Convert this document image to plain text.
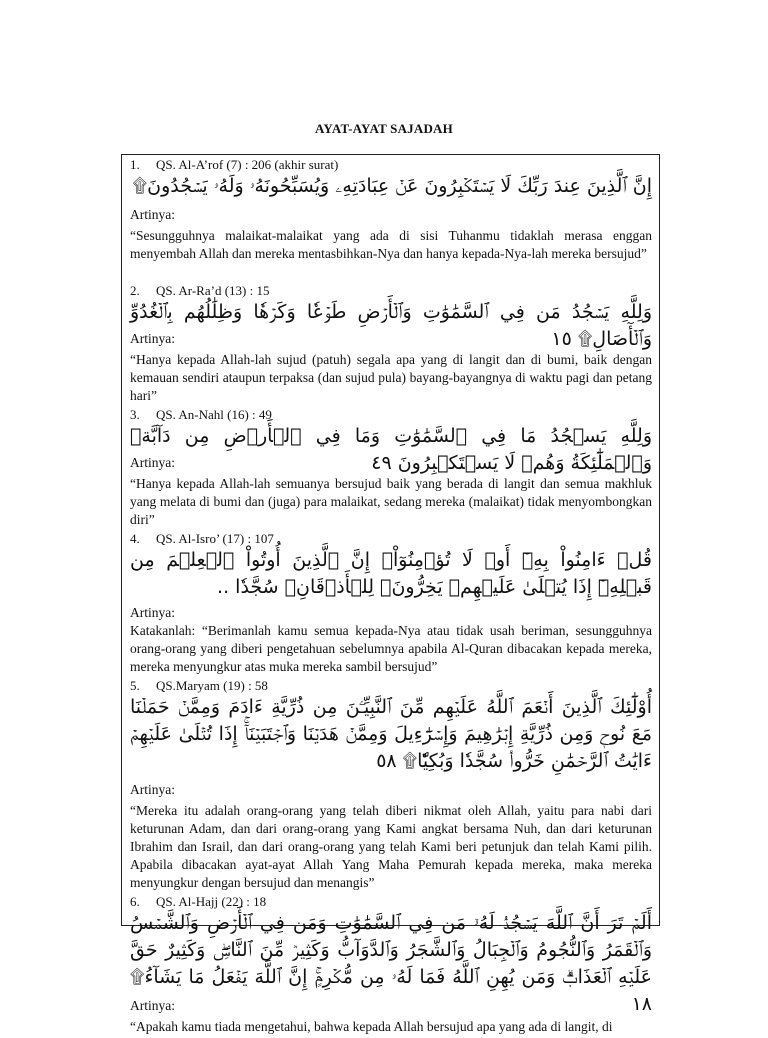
AYAT-AYAT SAJADAH
1. QS. Al-A’rof (7) : 206 (akhir surat)

إِنَّ ٱلَّذِينَ عِندَ رَبِّكَ لَا يَسۡتَكۡبِرُونَ عَنۡ عِبَادَتِهِۦ وَيُسَبِّحُونَهُۥ وَلَهُۥ يَسۡجُدُونَ۩

Artinya:

“Sesungguhnya malaikat-malaikat yang ada di sisi Tuhanmu tidaklah merasa enggan menyembah Allah dan mereka mentasbihkan-Nya dan hanya kepada-Nya-lah mereka bersujud”

2. QS. Ar-Ra’d (13) : 15

وَلِلَّهِ يَسۡجُدُ مَن فِي ٱلسَّمَٰوَٰتِ وَٱلۡأَرۡضِ طَوۡعٗا وَكَرۡهٗا وَظِلَٰلُهُم بِٱلۡغُدُوِّ وَٱلۡأٓصَالِ۩ ١٥

Artinya:

“Hanya kepada Allah-lah sujud (patuh) segala apa yang di langit dan di bumi, baik dengan kemauan sendiri ataupun terpaksa (dan sujud pula) bayang-bayangnya di waktu pagi dan petang hari”

3. QS. An-Nahl (16) : 49

وَلِلَّهِ يَسۡجُدُ مَا فِي ٱلسَّمَٰوَٰتِ وَمَا فِي ٱلۡأَرۡضِ مِن دَآبَّةٖ وَٱلۡمَلَٰٓئِكَةُ وَهُمۡ لَا يَسۡتَكۡبِرُونَ ٤٩

Artinya:

“Hanya kepada Allah-lah semuanya bersujud baik yang berada di langit dan semua makhluk yang melata di bumi dan (juga) para malaikat, sedang mereka (malaikat) tidak menyombongkan diri”

4. QS. Al-Isro’ (17) : 107

قُلۡ ءَامِنُواْ بِهِۦٓ أَوۡ لَا تُؤۡمِنُوٓاْۚ إِنَّ ٱلَّذِينَ أُوتُواْ ٱلۡعِلۡمَ مِن قَبۡلِهِۦٓ إِذَا يُتۡلَىٰ عَلَيۡهِمۡ يَخِرُّونَۤ لِلۡأَذۡقَانِۤ سُجَّدٗا ..

Artinya:

Katakanlah: “Berimanlah kamu semua kepada-Nya atau tidak usah beriman, sesungguhnya orang-orang yang diberi pengetahuan sebelumnya apabila Al-Quran dibacakan kepada mereka, mereka menyungkur atas muka mereka sambil bersujud”

5. QS.Maryam (19) : 58

أُوْلَٰٓئِكَ ٱلَّذِينَ أَنۡعَمَ ٱللَّهُ عَلَيۡهِم مِّنَ ٱلنَّبِيِّـۧنَ مِن ذُرِّيَّةِ ءَادَمَ وَمِمَّنۡ حَمَلۡنَا مَعَ نُوحٖ وَمِن ذُرِّيَّةِ إِبۡرَٰهِيمَ وَإِسۡرَٰٓءِيلَ وَمِمَّنۡ هَدَيۡنَا وَٱجۡتَبَيۡنَآۚ إِذَا تُتۡلَىٰ عَلَيۡهِمۡ ءَايَٰتُ ٱلرَّحۡمَٰنِ خَرُّواْۤ سُجَّدٗا وَبُكِيّٗا۩ ٥٨

Artinya:

“Mereka itu adalah orang-orang yang telah diberi nikmat oleh Allah, yaitu para nabi dari keturunan Adam, dan dari orang-orang yang Kami angkat bersama Nuh, dan dari keturunan Ibrahim dan Israil, dan dari orang-orang yang telah Kami beri petunjuk dan telah Kami pilih. Apabila dibacakan ayat-ayat Allah Yang Maha Pemurah kepada mereka, maka mereka menyungkur dengan bersujud dan menangis”

6. QS. Al-Hajj (22) : 18

أَلَمۡ تَرَ أَنَّ ٱللَّهَ يَسۡجُدُۤ لَهُۥۤ مَن فِي ٱلسَّمَٰوَٰتِ وَمَن فِي ٱلۡأَرۡضِ وَٱلشَّمۡسُ وَٱلۡقَمَرُ وَٱلنُّجُومُ وَٱلۡجِبَالُ وَٱلشَّجَرُ وَٱلدَّوَآبُّ وَكَثِيرٞ مِّنَ ٱلنَّاسِۖ وَكَثِيرٌ حَقَّ عَلَيۡهِ ٱلۡعَذَابُۗ وَمَن يُهِنِ ٱللَّهُ فَمَا لَهُۥ مِن مُّكۡرِمٍۚ إِنَّ ٱللَّهَ يَفۡعَلُ مَا يَشَآءُ۩ ١٨

Artinya:

“Apakah kamu tiada mengetahui, bahwa kepada Allah bersujud apa yang ada di langit, di
